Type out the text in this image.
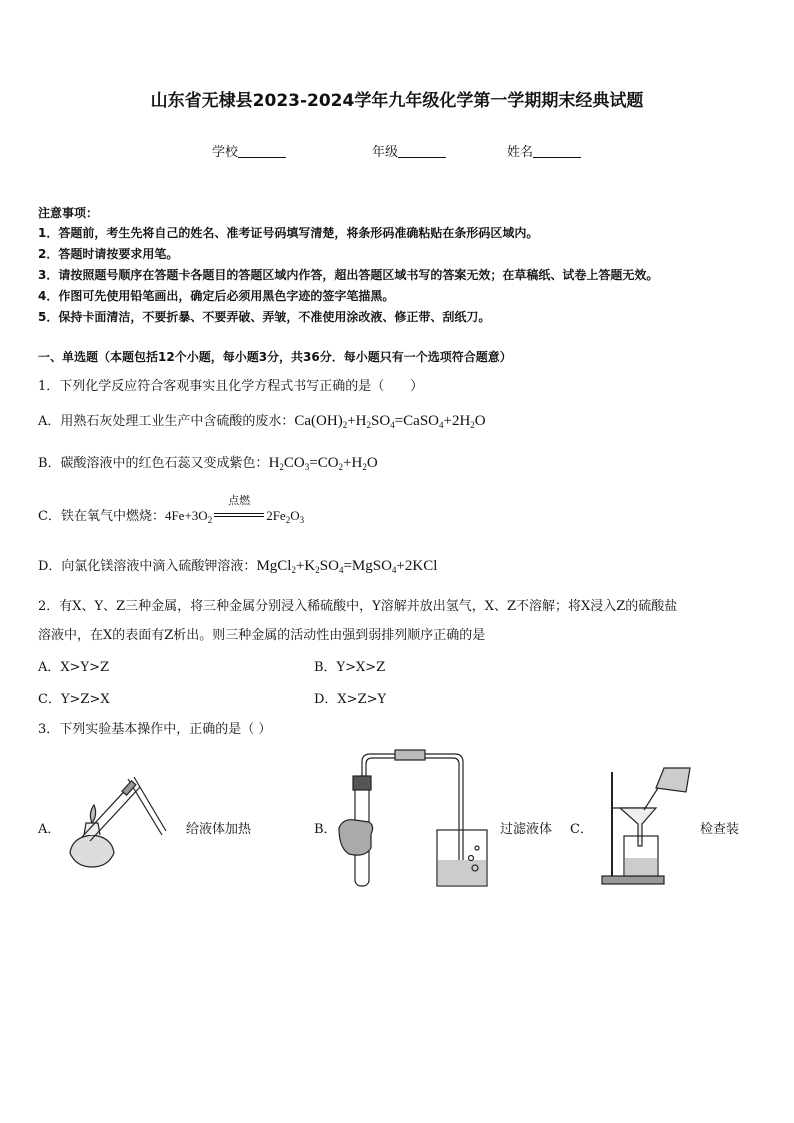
山东省无棣县2023-2024学年九年级化学第一学期期末经典试题
学校	年级	姓名
注意事项：
1．答题前，考生先将自己的姓名、准考证号码填写清楚，将条形码准确粘贴在条形码区域内。
2．答题时请按要求用笔。
3．请按照题号顺序在答题卡各题目的答题区域内作答，超出答题区域书写的答案无效；在草稿纸、试卷上答题无效。
4．作图可先使用铅笔画出，确定后必须用黑色字迹的签字笔描黑。
5．保持卡面清洁，不要折暴、不要弄破、弄皱，不准使用涂改液、修正带、刮纸刀。
一、单选题（本题包括12个小题，每小题3分，共36分．每小题只有一个选项符合题意）
1．下列化学反应符合客观事实且化学方程式书写正确的是（　　）
A．用熟石灰处理工业生产中含硫酸的废水：$Ca(OH)_2+H_2SO_4=CaSO_4+2H_2O$
B．碳酸溶液中的红色石蕊又变成紫色：$H_2CO_3=CO_2+H_2O$
C．铁在氧气中燃烧：$4Fe+3O_2$
点燃
$2Fe_2O_3$
D．向氯化镁溶液中滴入硫酸钾溶液：$MgCl_2+K_2SO_4=MgSO_4+2KCl$
2．有X、Y、Z三种金属，将三种金属分别浸入稀硫酸中，Y溶解并放出氢气，X、Z不溶解；将X浸入Z的硫酸盐
溶液中，在X的表面有Z析出。则三种金属的活动性由强到弱排列顺序正确的是
A．X>Y>Z	B．Y>X>Z
C．Y>Z>X	D．X>Z>Y
3．下列实验基本操作中，正确的是（ ）
A．	给液体加热	B．	过滤液体 C．	检查装
